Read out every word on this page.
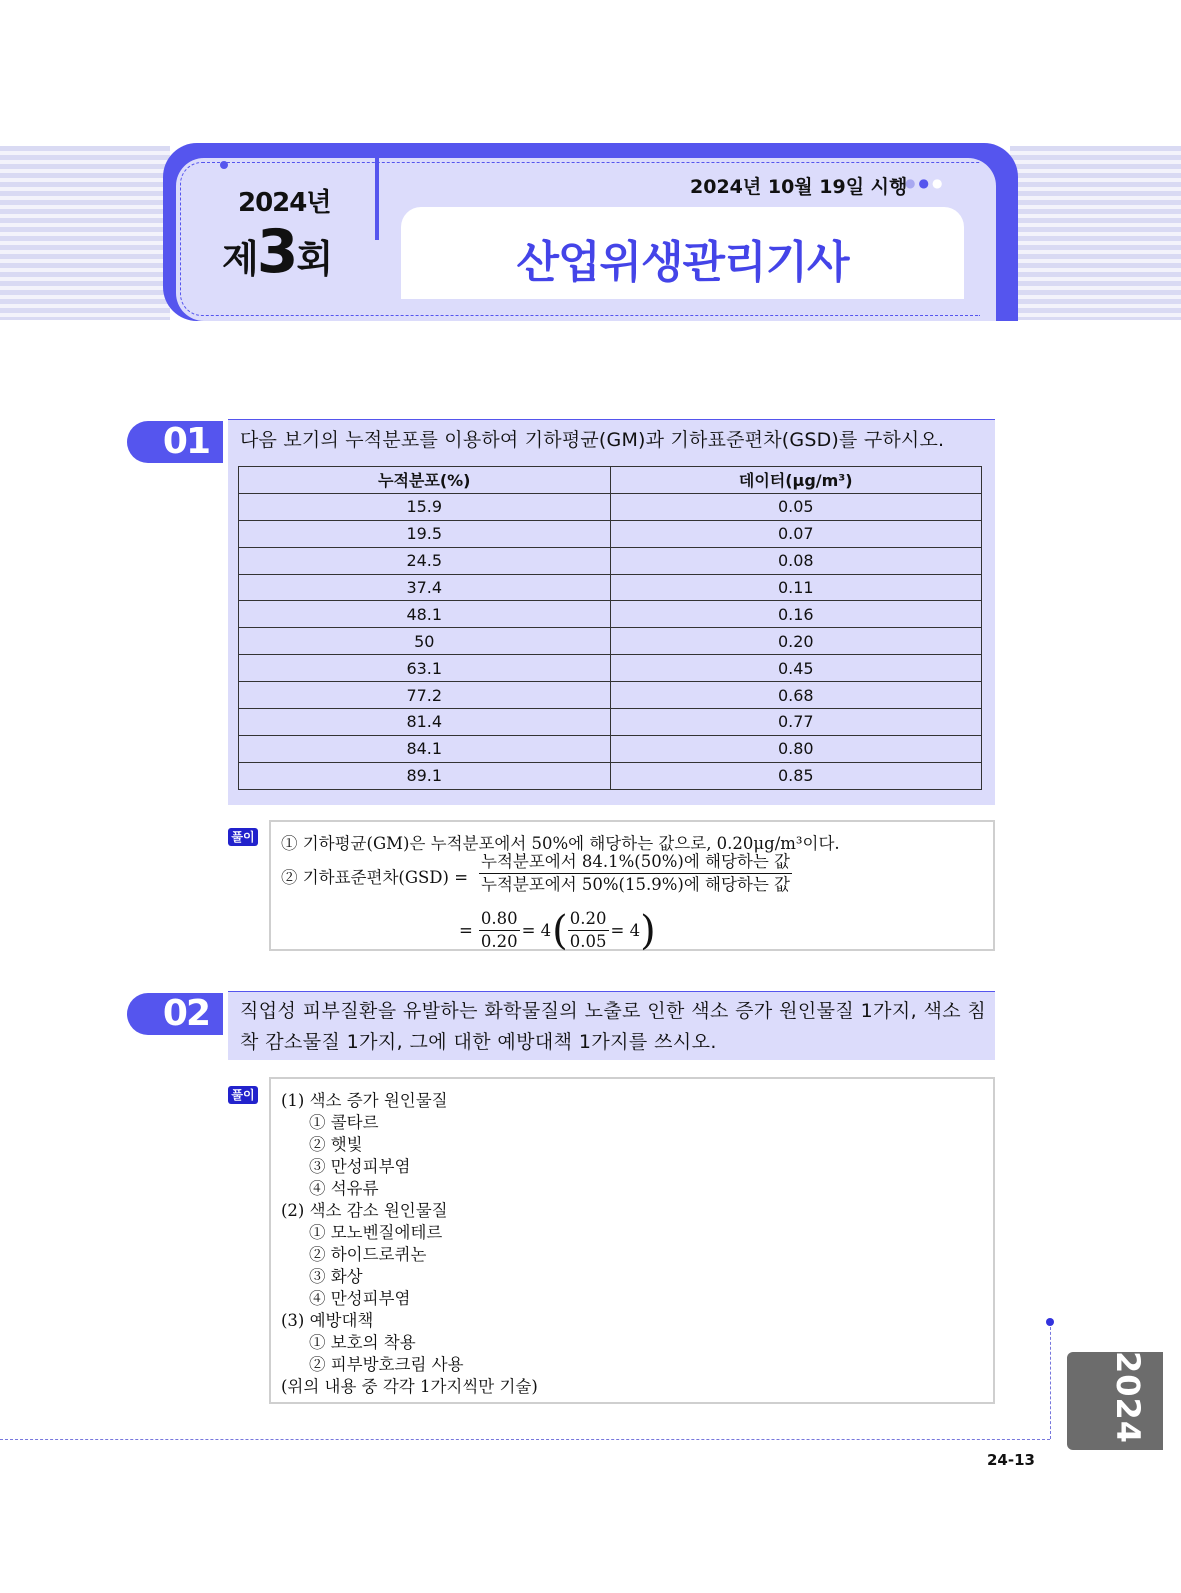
2024년
제3회
2024년 10월 19일 시행
●●●
산업위생관리기사
01	다음 보기의 누적분포를 이용하여 기하평균(GM)과 기하표준편차(GSD)를 구하시오.
누적분포(%)	데이터(μg/m³)
15.9	0.05
19.5	0.07
24.5	0.08
37.4	0.11
48.1	0.16
50	0.20
63.1	0.45
77.2	0.68
81.4	0.77
84.1	0.80
89.1	0.85
풀이 ① 기하평균(GM)은 누적분포에서 50%에 해당하는 값으로, 0.20μg/m³이다.
② 기하표준편차(GSD) =
누적분포에서 84.1%(50%)에 해당하는 값
누적분포에서 50%(15.9%)에 해당하는 값
= $\frac{0.80}{0.20} = 4$ ( $\frac{0.20}{0.05} = 4$ )
02	직업성 피부질환을 유발하는 화학물질의 노출로 인한 색소 증가 원인물질 1가지, 색소 침
착 감소물질 1가지, 그에 대한 예방대책 1가지를 쓰시오.
풀이 (1) 색소 증가 원인물질
① 콜타르
② 햇빛
③ 만성피부염
④ 석유류
(2) 색소 감소 원인물질
① 모노벤질에테르
② 하이드로퀴논
③ 화상
④ 만성피부염
(3) 예방대책
① 보호의 착용
② 피부방호크림 사용
(위의 내용 중 각각 1가지씩만 기술)	2024
24-13
